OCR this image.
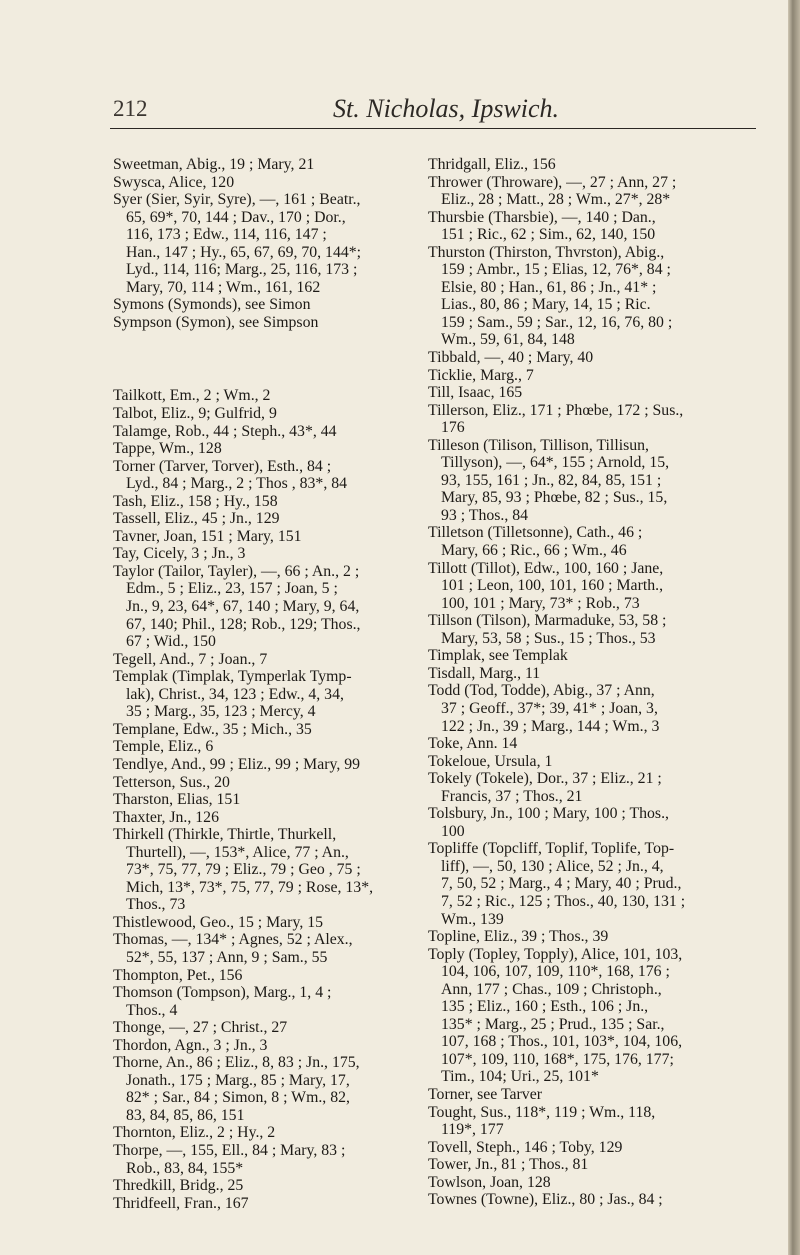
212	St. Nicholas, Ipswich.
Sweetman, Abig., 19 ; Mary, 21
Swysca, Alice, 120
Syer (Sier, Syir, Syre), —, 161 ; Beatr.,
65, 69*, 70, 144 ; Dav., 170 ; Dor.,
116, 173 ; Edw., 114, 116, 147 ;
Han., 147 ; Hy., 65, 67, 69, 70, 144*;
Lyd., 114, 116; Marg., 25, 116, 173 ;
Mary, 70, 114 ; Wm., 161, 162
Symons (Symonds), see Simon
Sympson (Symon), see Simpson
Tailkott, Em., 2 ; Wm., 2
Talbot, Eliz., 9; Gulfrid, 9
Talamge, Rob., 44 ; Steph., 43*, 44
Tappe, Wm., 128
Torner (Tarver, Torver), Esth., 84 ;
Lyd., 84 ; Marg., 2 ; Thos , 83*, 84
Tash, Eliz., 158 ; Hy., 158
Tassell, Eliz., 45 ; Jn., 129
Tavner, Joan, 151 ; Mary, 151
Tay, Cicely, 3 ; Jn., 3
Taylor (Tailor, Tayler), —, 66 ; An., 2 ;
Edm., 5 ; Eliz., 23, 157 ; Joan, 5 ;
Jn., 9, 23, 64*, 67, 140 ; Mary, 9, 64,
67, 140; Phil., 128; Rob., 129; Thos.,
67 ; Wid., 150
Tegell, And., 7 ; Joan., 7
Templak (Timplak, Tymperlak Tymp-
lak), Christ., 34, 123 ; Edw., 4, 34,
35 ; Marg., 35, 123 ; Mercy, 4
Templane, Edw., 35 ; Mich., 35
Temple, Eliz., 6
Tendlye, And., 99 ; Eliz., 99 ; Mary, 99
Tetterson, Sus., 20
Tharston, Elias, 151
Thaxter, Jn., 126
Thirkell (Thirkle, Thirtle, Thurkell,
Thurtell), —, 153*, Alice, 77 ; An.,
73*, 75, 77, 79 ; Eliz., 79 ; Geo , 75 ;
Mich, 13*, 73*, 75, 77, 79 ; Rose, 13*,
Thos., 73
Thistlewood, Geo., 15 ; Mary, 15
Thomas, —, 134* ; Agnes, 52 ; Alex.,
52*, 55, 137 ; Ann, 9 ; Sam., 55
Thompton, Pet., 156
Thomson (Tompson), Marg., 1, 4 ;
Thos., 4
Thonge, —, 27 ; Christ., 27
Thordon, Agn., 3 ; Jn., 3
Thorne, An., 86 ; Eliz., 8, 83 ; Jn., 175,
Jonath., 175 ; Marg., 85 ; Mary, 17,
82* ; Sar., 84 ; Simon, 8 ; Wm., 82,
83, 84, 85, 86, 151
Thornton, Eliz., 2 ; Hy., 2
Thorpe, —, 155, Ell., 84 ; Mary, 83 ;
Rob., 83, 84, 155*
Thredkill, Bridg., 25
Thridfeell, Fran., 167
Thridgall, Eliz., 156
Thrower (Throware), —, 27 ; Ann, 27 ;
Eliz., 28 ; Matt., 28 ; Wm., 27*, 28*
Thursbie (Tharsbie), —, 140 ; Dan.,
151 ; Ric., 62 ; Sim., 62, 140, 150
Thurston (Thirston, Thvrston), Abig.,
159 ; Ambr., 15 ; Elias, 12, 76*, 84 ;
Elsie, 80 ; Han., 61, 86 ; Jn., 41* ;
Lias., 80, 86 ; Mary, 14, 15 ; Ric.
159 ; Sam., 59 ; Sar., 12, 16, 76, 80 ;
Wm., 59, 61, 84, 148
Tibbald, —, 40 ; Mary, 40
Ticklie, Marg., 7
Till, Isaac, 165
Tillerson, Eliz., 171 ; Phœbe, 172 ; Sus.,
176
Tilleson (Tilison, Tillison, Tillisun,
Tillyson), —, 64*, 155 ; Arnold, 15,
93, 155, 161 ; Jn., 82, 84, 85, 151 ;
Mary, 85, 93 ; Phœbe, 82 ; Sus., 15,
93 ; Thos., 84
Tilletson (Tilletsonne), Cath., 46 ;
Mary, 66 ; Ric., 66 ; Wm., 46
Tillott (Tillot), Edw., 100, 160 ; Jane,
101 ; Leon, 100, 101, 160 ; Marth.,
100, 101 ; Mary, 73* ; Rob., 73
Tillson (Tilson), Marmaduke, 53, 58 ;
Mary, 53, 58 ; Sus., 15 ; Thos., 53
Timplak, see Templak
Tisdall, Marg., 11
Todd (Tod, Todde), Abig., 37 ; Ann,
37 ; Geoff., 37*; 39, 41* ; Joan, 3,
122 ; Jn., 39 ; Marg., 144 ; Wm., 3
Toke, Ann. 14
Tokeloue, Ursula, 1
Tokely (Tokele), Dor., 37 ; Eliz., 21 ;
Francis, 37 ; Thos., 21
Tolsbury, Jn., 100 ; Mary, 100 ; Thos.,
100
Topliffe (Topcliff, Toplif, Toplife, Top-
liff), —, 50, 130 ; Alice, 52 ; Jn., 4,
7, 50, 52 ; Marg., 4 ; Mary, 40 ; Prud.,
7, 52 ; Ric., 125 ; Thos., 40, 130, 131 ;
Wm., 139
Topline, Eliz., 39 ; Thos., 39
Toply (Topley, Topply), Alice, 101, 103,
104, 106, 107, 109, 110*, 168, 176 ;
Ann, 177 ; Chas., 109 ; Christoph.,
135 ; Eliz., 160 ; Esth., 106 ; Jn.,
135* ; Marg., 25 ; Prud., 135 ; Sar.,
107, 168 ; Thos., 101, 103*, 104, 106,
107*, 109, 110, 168*, 175, 176, 177;
Tim., 104; Uri., 25, 101*
Torner, see Tarver
Tought, Sus., 118*, 119 ; Wm., 118,
119*, 177
Tovell, Steph., 146 ; Toby, 129
Tower, Jn., 81 ; Thos., 81
Towlson, Joan, 128
Townes (Towne), Eliz., 80 ; Jas., 84 ;
